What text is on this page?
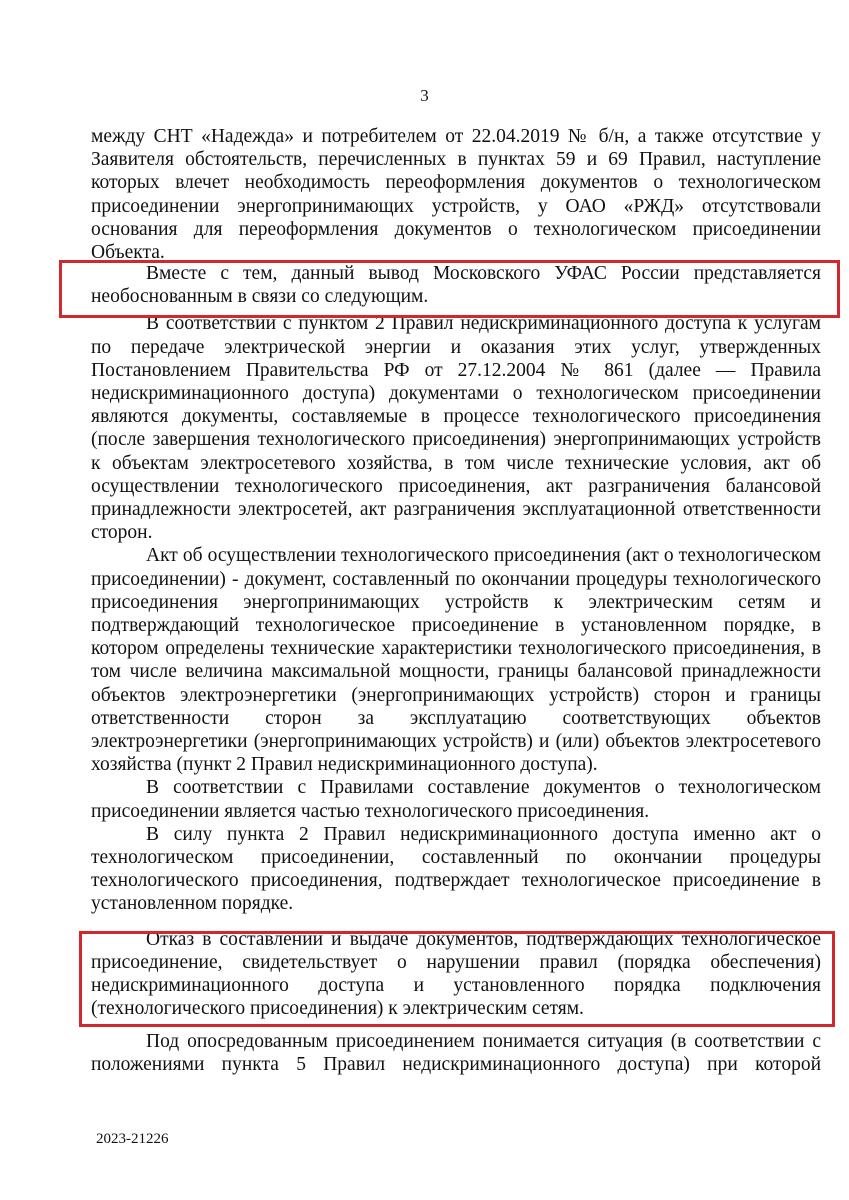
3

между СНТ «Надежда» и потребителем от 22.04.2019 № б/н, а также отсутствие у Заявителя обстоятельств, перечисленных в пунктах 59 и 69 Правил, наступление которых влечет необходимость переоформления документов о технологическом присоединении энергопринимающих устройств, у ОАО «РЖД» отсутствовали основания для переоформления документов о технологическом присоединении Объекта.

Вместе с тем, данный вывод Московского УФАС России представляется необоснованным в связи со следующим.

В соответствии с пунктом 2 Правил недискриминационного доступа к услугам по передаче электрической энергии и оказания этих услуг, утвержденных Постановлением Правительства РФ от 27.12.2004 № 861 (далее — Правила недискриминационного доступа) документами о технологическом присоединении являются документы, составляемые в процессе технологического присоединения (после завершения технологического присоединения) энергопринимающих устройств к объектам электросетевого хозяйства, в том числе технические условия, акт об осуществлении технологического присоединения, акт разграничения балансовой принадлежности электросетей, акт разграничения эксплуатационной ответственности сторон.

Акт об осуществлении технологического присоединения (акт о технологическом присоединении) - документ, составленный по окончании процедуры технологического присоединения энергопринимающих устройств к электрическим сетям и подтверждающий технологическое присоединение в установленном порядке, в котором определены технические характеристики технологического присоединения, в том числе величина максимальной мощности, границы балансовой принадлежности объектов электроэнергетики (энергопринимающих устройств) сторон и границы ответственности сторон за эксплуатацию соответствующих объектов электроэнергетики (энергопринимающих устройств) и (или) объектов электросетевого хозяйства (пункт 2 Правил недискриминационного доступа).

В соответствии с Правилами составление документов о технологическом присоединении является частью технологического присоединения.

В силу пункта 2 Правил недискриминационного доступа именно акт о технологическом присоединении, составленный по окончании процедуры технологического присоединения, подтверждает технологическое присоединение в установленном порядке.

Отказ в составлении и выдаче документов, подтверждающих технологическое присоединение, свидетельствует о нарушении правил (порядка обеспечения) недискриминационного доступа и установленного порядка подключения (технологического присоединения) к электрическим сетям.

Под опосредованным присоединением понимается ситуация (в соответствии с положениями пункта 5 Правил недискриминационного доступа) при которой

2023-21226
